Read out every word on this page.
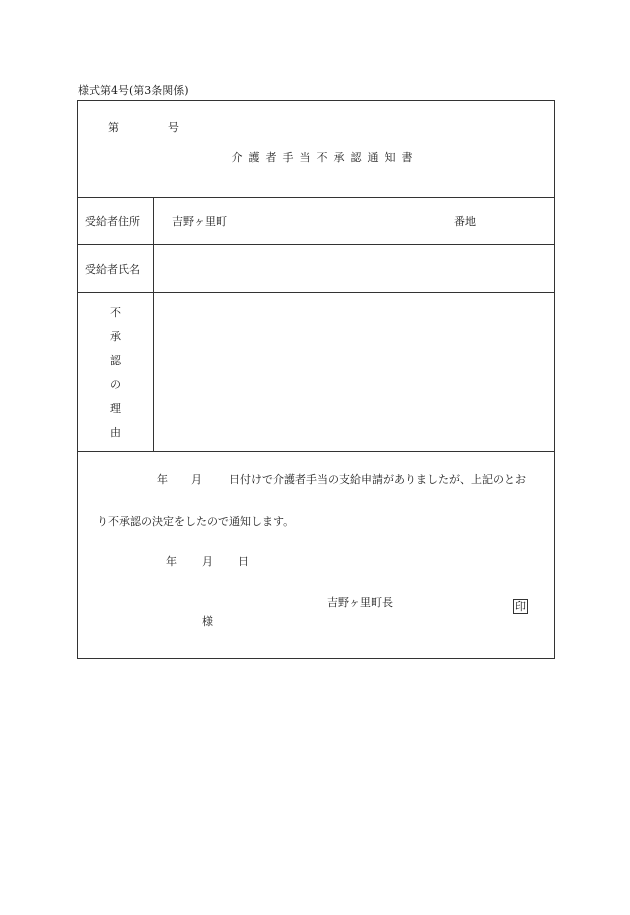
様式第4号(第3条関係)
第	号
介護者手当不承認通知書
受給者住所	吉野ヶ里町	番地
受給者氏名
不
承
認
の
理
由
年 月 日付けで介護者手当の支給申請がありましたが、上記のとお
り不承認の決定をしたので通知します。
年 月 日
吉野ヶ里町長	印
様
